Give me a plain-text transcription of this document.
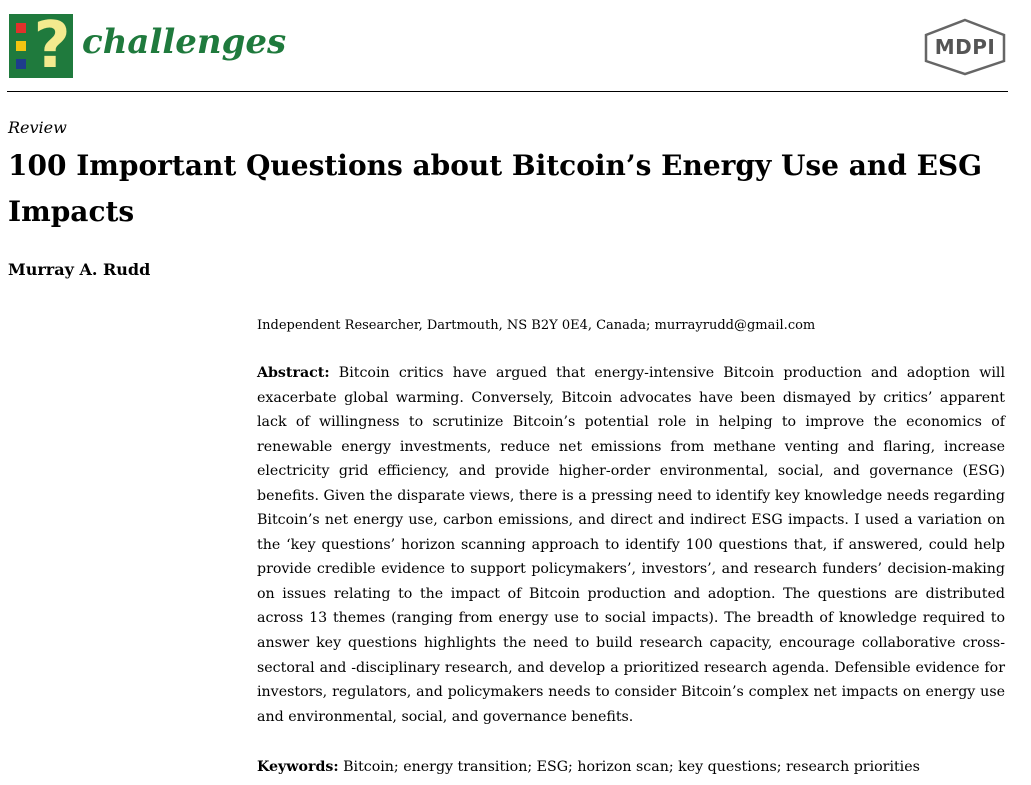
? challenges	MDPI
Review
100 Important Questions about Bitcoin’s Energy Use and ESG Impacts
Murray A. Rudd
Independent Researcher, Dartmouth, NS B2Y 0E4, Canada; murrayrudd@gmail.com

Abstract: Bitcoin critics have argued that energy-intensive Bitcoin production and adoption will exacerbate global warming. Conversely, Bitcoin advocates have been dismayed by critics’ apparent lack of willingness to scrutinize Bitcoin’s potential role in helping to improve the economics of renewable energy investments, reduce net emissions from methane venting and flaring, increase electricity grid efficiency, and provide higher-order environmental, social, and governance (ESG) benefits. Given the disparate views, there is a pressing need to identify key knowledge needs regarding Bitcoin’s net energy use, carbon emissions, and direct and indirect ESG impacts. I used a variation on the ‘key questions’ horizon scanning approach to identify 100 questions that, if answered, could help provide credible evidence to support policymakers’, investors’, and research funders’ decision-making on issues relating to the impact of Bitcoin production and adoption. The questions are distributed across 13 themes (ranging from energy use to social impacts). The breadth of knowledge required to answer key questions highlights the need to build research capacity, encourage collaborative cross-sectoral and -disciplinary research, and develop a prioritized research agenda. Defensible evidence for investors, regulators, and policymakers needs to consider Bitcoin’s complex net impacts on energy use and environmental, social, and governance benefits.

Keywords: Bitcoin; energy transition; ESG; horizon scan; key questions; research priorities
